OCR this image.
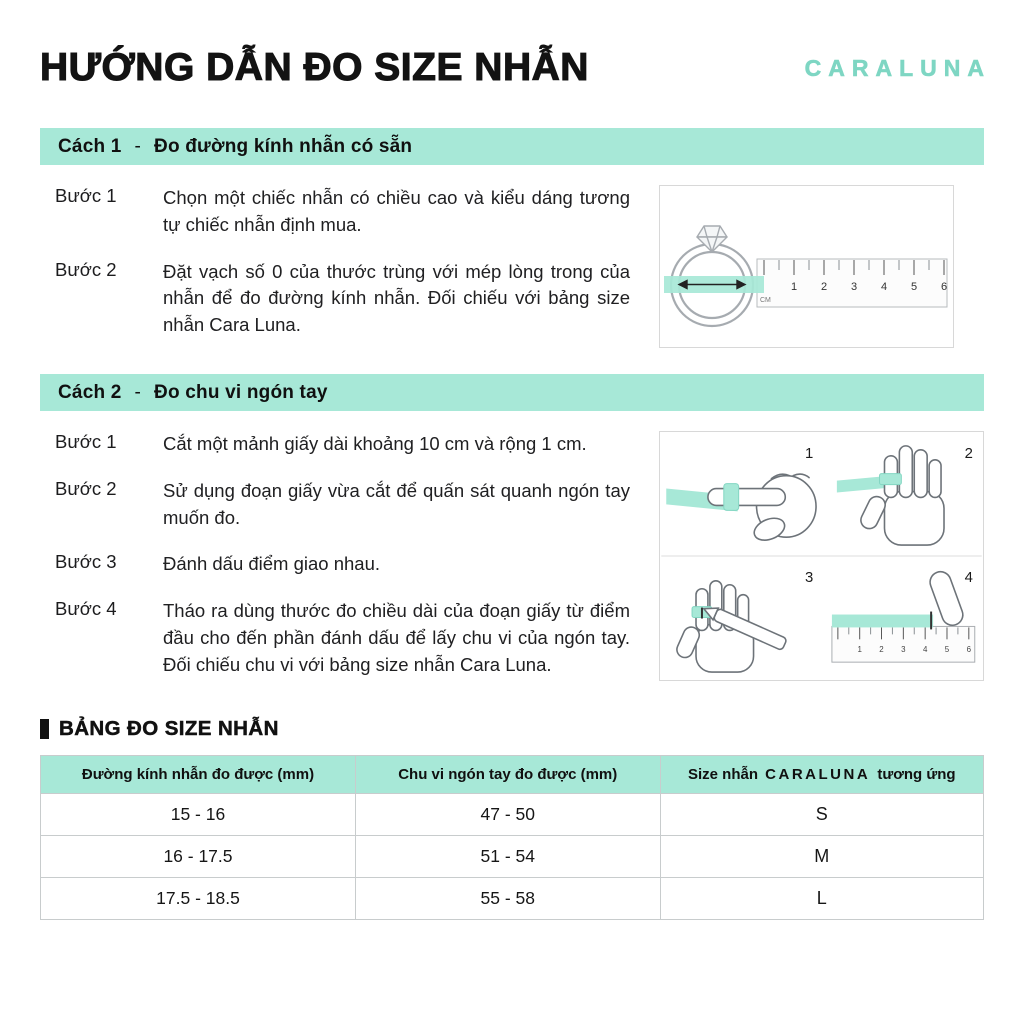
HƯỚNG DẪN ĐO SIZE NHẪN	CARALUNA
Cách 1 - Đo đường kính nhẫn có sẵn
Bước 1	Chọn một chiếc nhẫn có chiều cao và kiểu dáng tương tự chiếc nhẫn định mua.

Bước 2	Đặt vạch số 0 của thước trùng với mép lòng trong của nhẫn để đo đường kính nhẫn. Đối chiếu với bảng size nhẫn Cara Luna.

1 2 3 4 5 6
CM
Cách 2 - Đo chu vi ngón tay
Bước 1	Cắt một mảnh giấy dài khoảng 10 cm và rộng 1 cm.

Bước 2	Sử dụng đoạn giấy vừa cắt để quấn sát quanh ngón tay muốn đo.

Bước 3	Đánh dấu điểm giao nhau.

Bước 4	Tháo ra dùng thước đo chiều dài của đoạn giấy từ điểm đầu cho đến phần đánh dấu để lấy chu vi của ngón tay. Đối chiếu chu vi với bảng size nhẫn Cara Luna.

1	2
3	4
1 2 3 4 5 6
BẢNG ĐO SIZE NHẪN
Đường kính nhẫn đo được (mm)	Chu vi ngón tay đo được (mm)	Size nhẫn CARALUNA tương ứng
15 - 16	47 - 50	S
16 - 17.5	51 - 54	M
17.5 - 18.5	55 - 58	L
